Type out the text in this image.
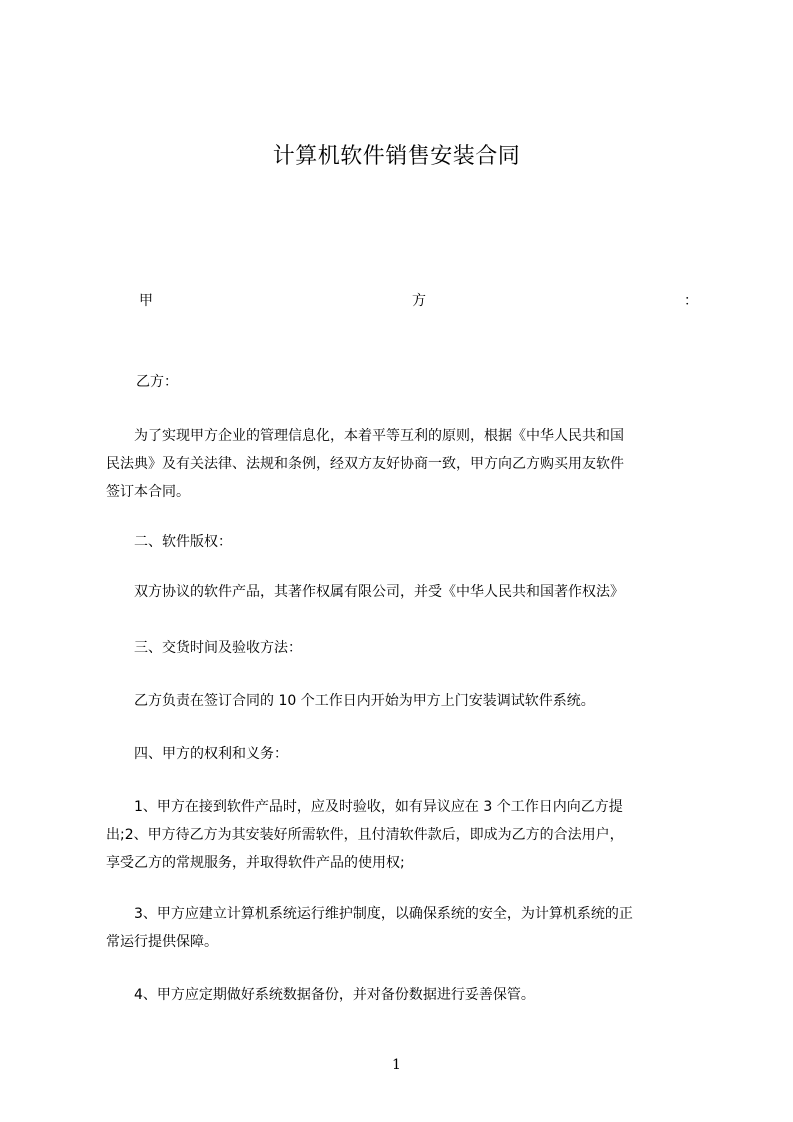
计算机软件销售安装合同
甲	方	：
乙方：
　　为了实现甲方企业的管理信息化，本着平等互利的原则，根据《中华人民共和国
民法典》及有关法律、法规和条例，经双方友好协商一致，甲方向乙方购买用友软件
签订本合同。
　　二、软件版权：
　　双方协议的软件产品，其著作权属有限公司，并受《中华人民共和国著作权法》
　　三、交货时间及验收方法：
　　乙方负责在签订合同的 10 个工作日内开始为甲方上门安装调试软件系统。
　　四、甲方的权利和义务：
　　1、甲方在接到软件产品时，应及时验收，如有异议应在 3 个工作日内向乙方提
出;2、甲方待乙方为其安装好所需软件，且付清软件款后，即成为乙方的合法用户，
享受乙方的常规服务，并取得软件产品的使用权;
　　3、甲方应建立计算机系统运行维护制度，以确保系统的安全，为计算机系统的正
常运行提供保障。
　　4、甲方应定期做好系统数据备份，并对备份数据进行妥善保管。
1
